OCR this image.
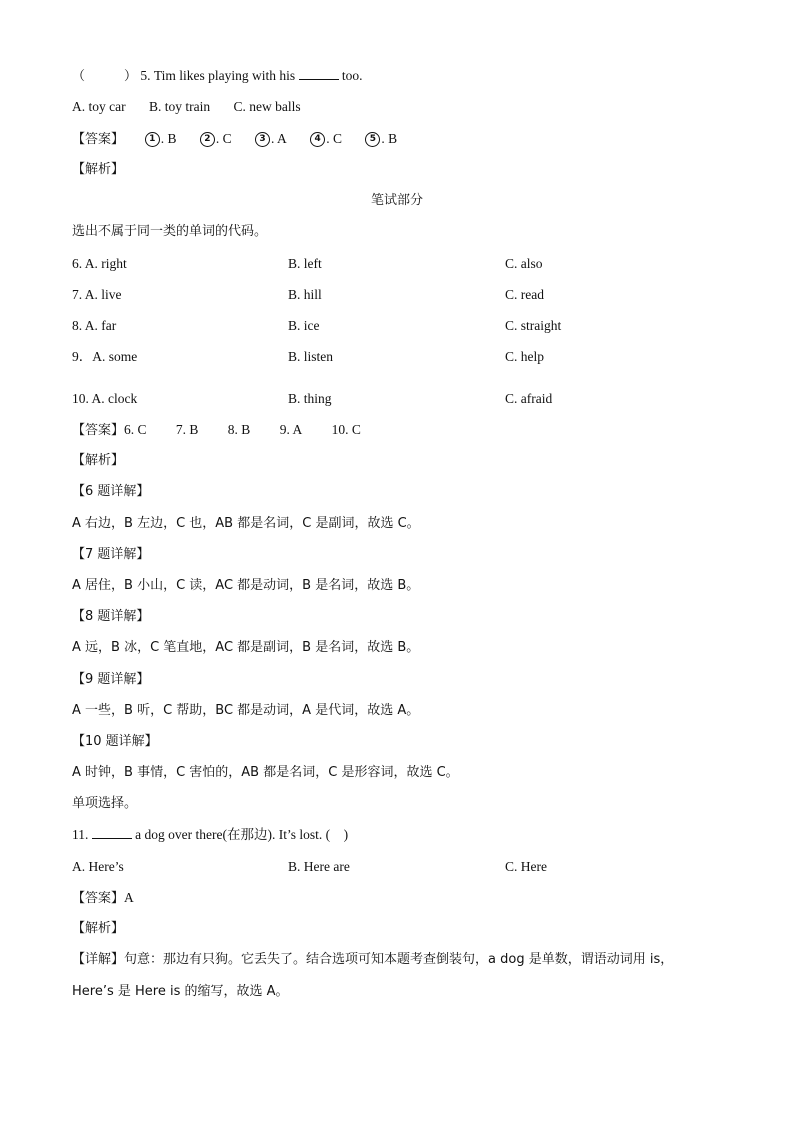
（　　　） 5. Tim likes playing with his	too.
A. toy car B. toy train C. new balls
【答案】	1 . B	2 . C	3 . A	4 . C	5 . B
【解析】
笔试部分
选出不属于同一类的单词的代码。
6. A. right	B. left	C. also
7. A. live	B. hill	C. read
8. A. far	B. ice	C. straight
9．A. some	B. listen	C. help
10. A. clock	B. thing	C. afraid
【答案】6. C 7. B 8. B 9. A 10. C
【解析】
【6 题详解】
A 右边，B 左边，C 也，AB 都是名词，C 是副词，故选 C。
【7 题详解】
A 居住，B 小山，C 读，AC 都是动词，B 是名词，故选 B。
【8 题详解】
A 远，B 冰，C 笔直地，AC 都是副词，B 是名词，故选 B。
【9 题详解】
A 一些，B 听，C 帮助，BC 都是动词，A 是代词，故选 A。
【10 题详解】
A 时钟，B 事情，C 害怕的，AB 都是名词，C 是形容词，故选 C。
单项选择。
11.	a dog over there(在那边). It’s lost. (　)
A. Here’s	B. Here are	C. Here
【答案】A
【解析】
【详解】句意：那边有只狗。它丢失了。结合选项可知本题考查倒装句，a dog 是单数，谓语动词用 is，
Here’s 是 Here is 的缩写，故选 A。
